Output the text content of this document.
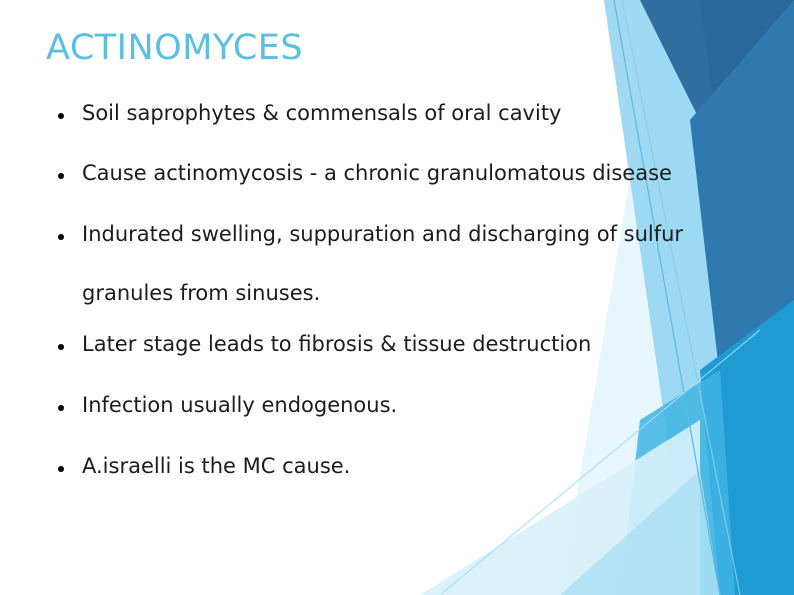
ACTINOMYCES
Soil saprophytes & commensals of oral cavity
Cause actinomycosis - a chronic granulomatous disease
Indurated swelling, suppuration and discharging of sulfur
granules from sinuses.
Later stage leads to fibrosis & tissue destruction
Infection usually endogenous.
A.israelli is the MC cause.
